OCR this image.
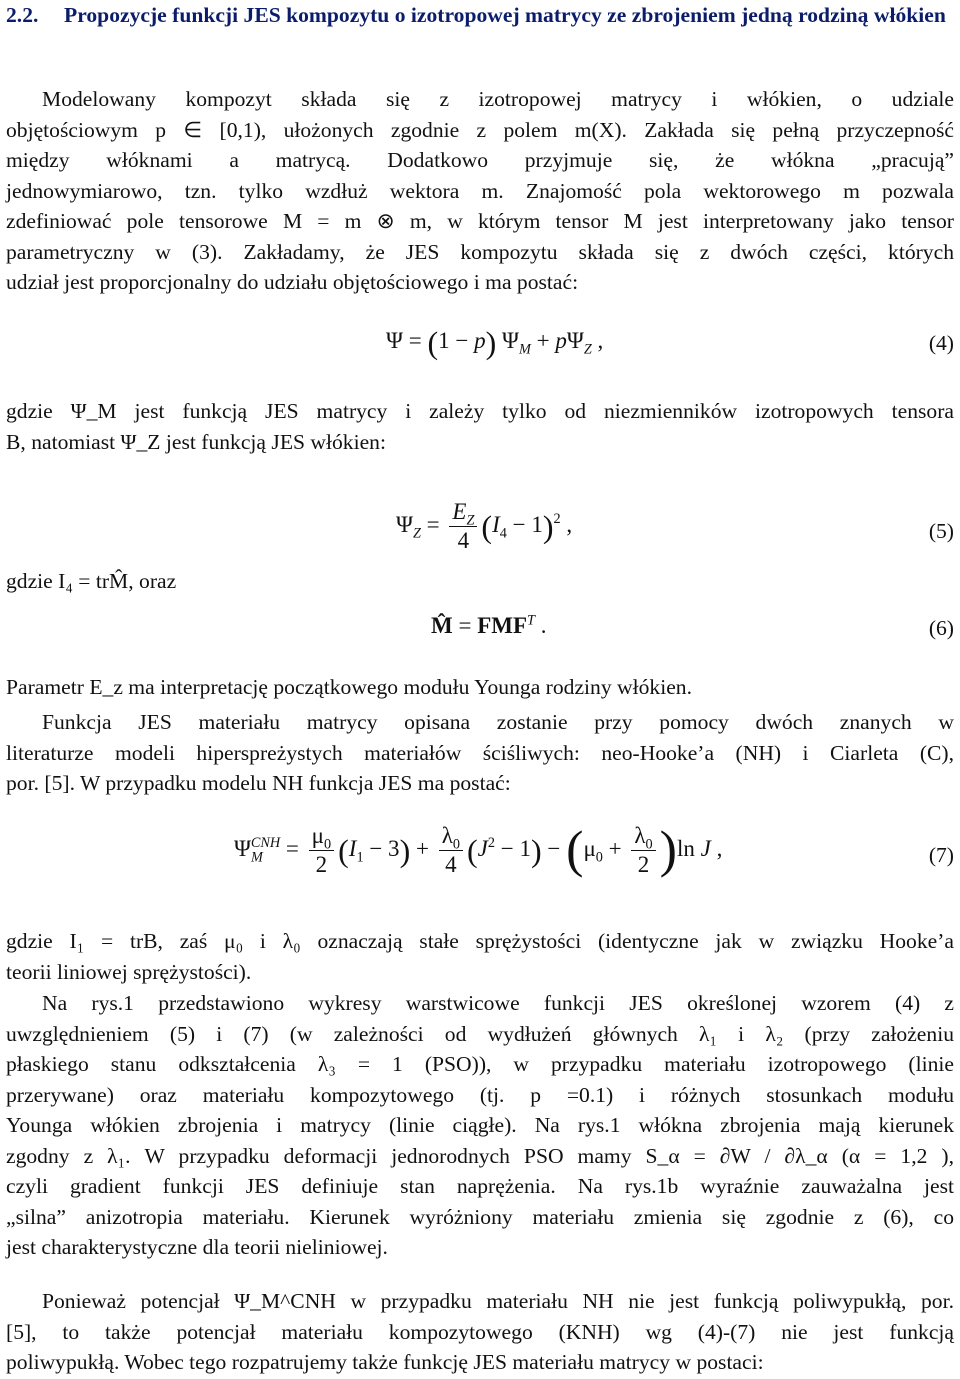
2.2. Propozycje funkcji JES kompozytu o izotropowej matrycy ze zbrojeniem jedną rodziną włókien
Modelowany kompozyt składa się z izotropowej matrycy i włókien, o udziale
objętościowym p ∈ [0,1), ułożonych zgodnie z polem m(X). Zakłada się pełną przyczepność
między włóknami a matrycą. Dodatkowo przyjmuje się, że włókna „pracują”
jednowymiarowo, tzn. tylko wzdłuż wektora m. Znajomość pola wektorowego m pozwala
zdefiniować pole tensorowe M = m ⊗ m, w którym tensor M jest interpretowany jako tensor
parametryczny w (3). Zakładamy, że JES kompozytu składa się z dwóch części, których
udział jest proporcjonalny do udziału objętościowego i ma postać:
Ψ = (1 − p) $\Psi_M + p\Psi_Z$ ,	(4)
gdzie Ψ_M jest funkcją JES matrycy i zależy tylko od niezmienników izotropowych tensora
B, natomiast Ψ_Z jest funkcją JES włókien:
$\Psi_Z = \frac{E_Z}{4} (I_4 - 1)^2$ ,	(5)
gdzie I₄ = trM̂, oraz
M̂ = $FMF^T$ .	(6)
Parametr E_z ma interpretację początkowego modułu Younga rodziny włókien.
Funkcja JES materiału matrycy opisana zostanie przy pomocy dwóch znanych w
literaturze modeli hiperspreżystych materiałów ściśliwych: neo-Hooke’a (NH) i Ciarleta (C),
por. [5]. W przypadku modelu NH funkcja JES ma postać:
$\Psi_M^{CNH} = \frac{\mu_0}{2} (I_1 - 3) + \frac{\lambda_0}{4} (J^2 - 1) - (\mu_0 + \frac{\lambda_0}{2} )\ln$ J ,	(7)
gdzie I₁ = trB, zaś μ₀ i λ₀ oznaczają stałe sprężystości (identyczne jak w związku Hooke’a
teorii liniowej sprężystości).
Na rys.1 przedstawiono wykresy warstwicowe funkcji JES określonej wzorem (4) z
uwzględnieniem (5) i (7) (w zależności od wydłużeń głównych λ₁ i λ₂ (przy założeniu
płaskiego stanu odkształcenia λ₃ = 1 (PSO)), w przypadku materiału izotropowego (linie
przerywane) oraz materiału kompozytowego (tj. p =0.1) i różnych stosunkach modułu
Younga włókien zbrojenia i matrycy (linie ciągłe). Na rys.1 włókna zbrojenia mają kierunek
zgodny z λ₁. W przypadku deformacji jednorodnych PSO mamy S_α = ∂W / ∂λ_α (α = 1,2 ),
czyli gradient funkcji JES definiuje stan naprężenia. Na rys.1b wyraźnie zauważalna jest
„silna” anizotropia materiału. Kierunek wyróżniony materiału zmienia się zgodnie z (6), co
jest charakterystyczne dla teorii nieliniowej.
Ponieważ potencjał Ψ_M^CNH w przypadku materiału NH nie jest funkcją poliwypukłą, por.
[5], to także potencjał materiału kompozytowego (KNH) wg (4)-(7) nie jest funkcją
poliwypukłą. Wobec tego rozpatrujemy także funkcję JES materiału matrycy w postaci:
